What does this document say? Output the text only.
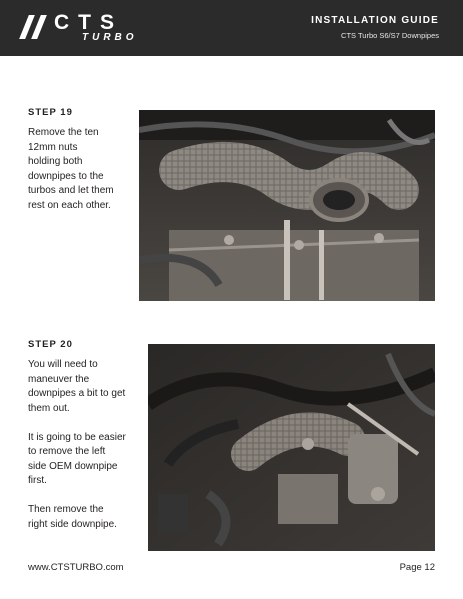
CTS
TURBO
INSTALLATION GUIDE
CTS Turbo S6/S7 Downpipes
STEP 19
Remove the ten
12mm nuts
holding both
downpipes to the
turbos and let them
rest on each other.
STEP 20
You will need to
maneuver the
downpipes a bit to get
them out.

It is going to be easier
to remove the left
side OEM downpipe
first.

Then remove the
right side downpipe.
www.CTSTURBO.com	Page 12
